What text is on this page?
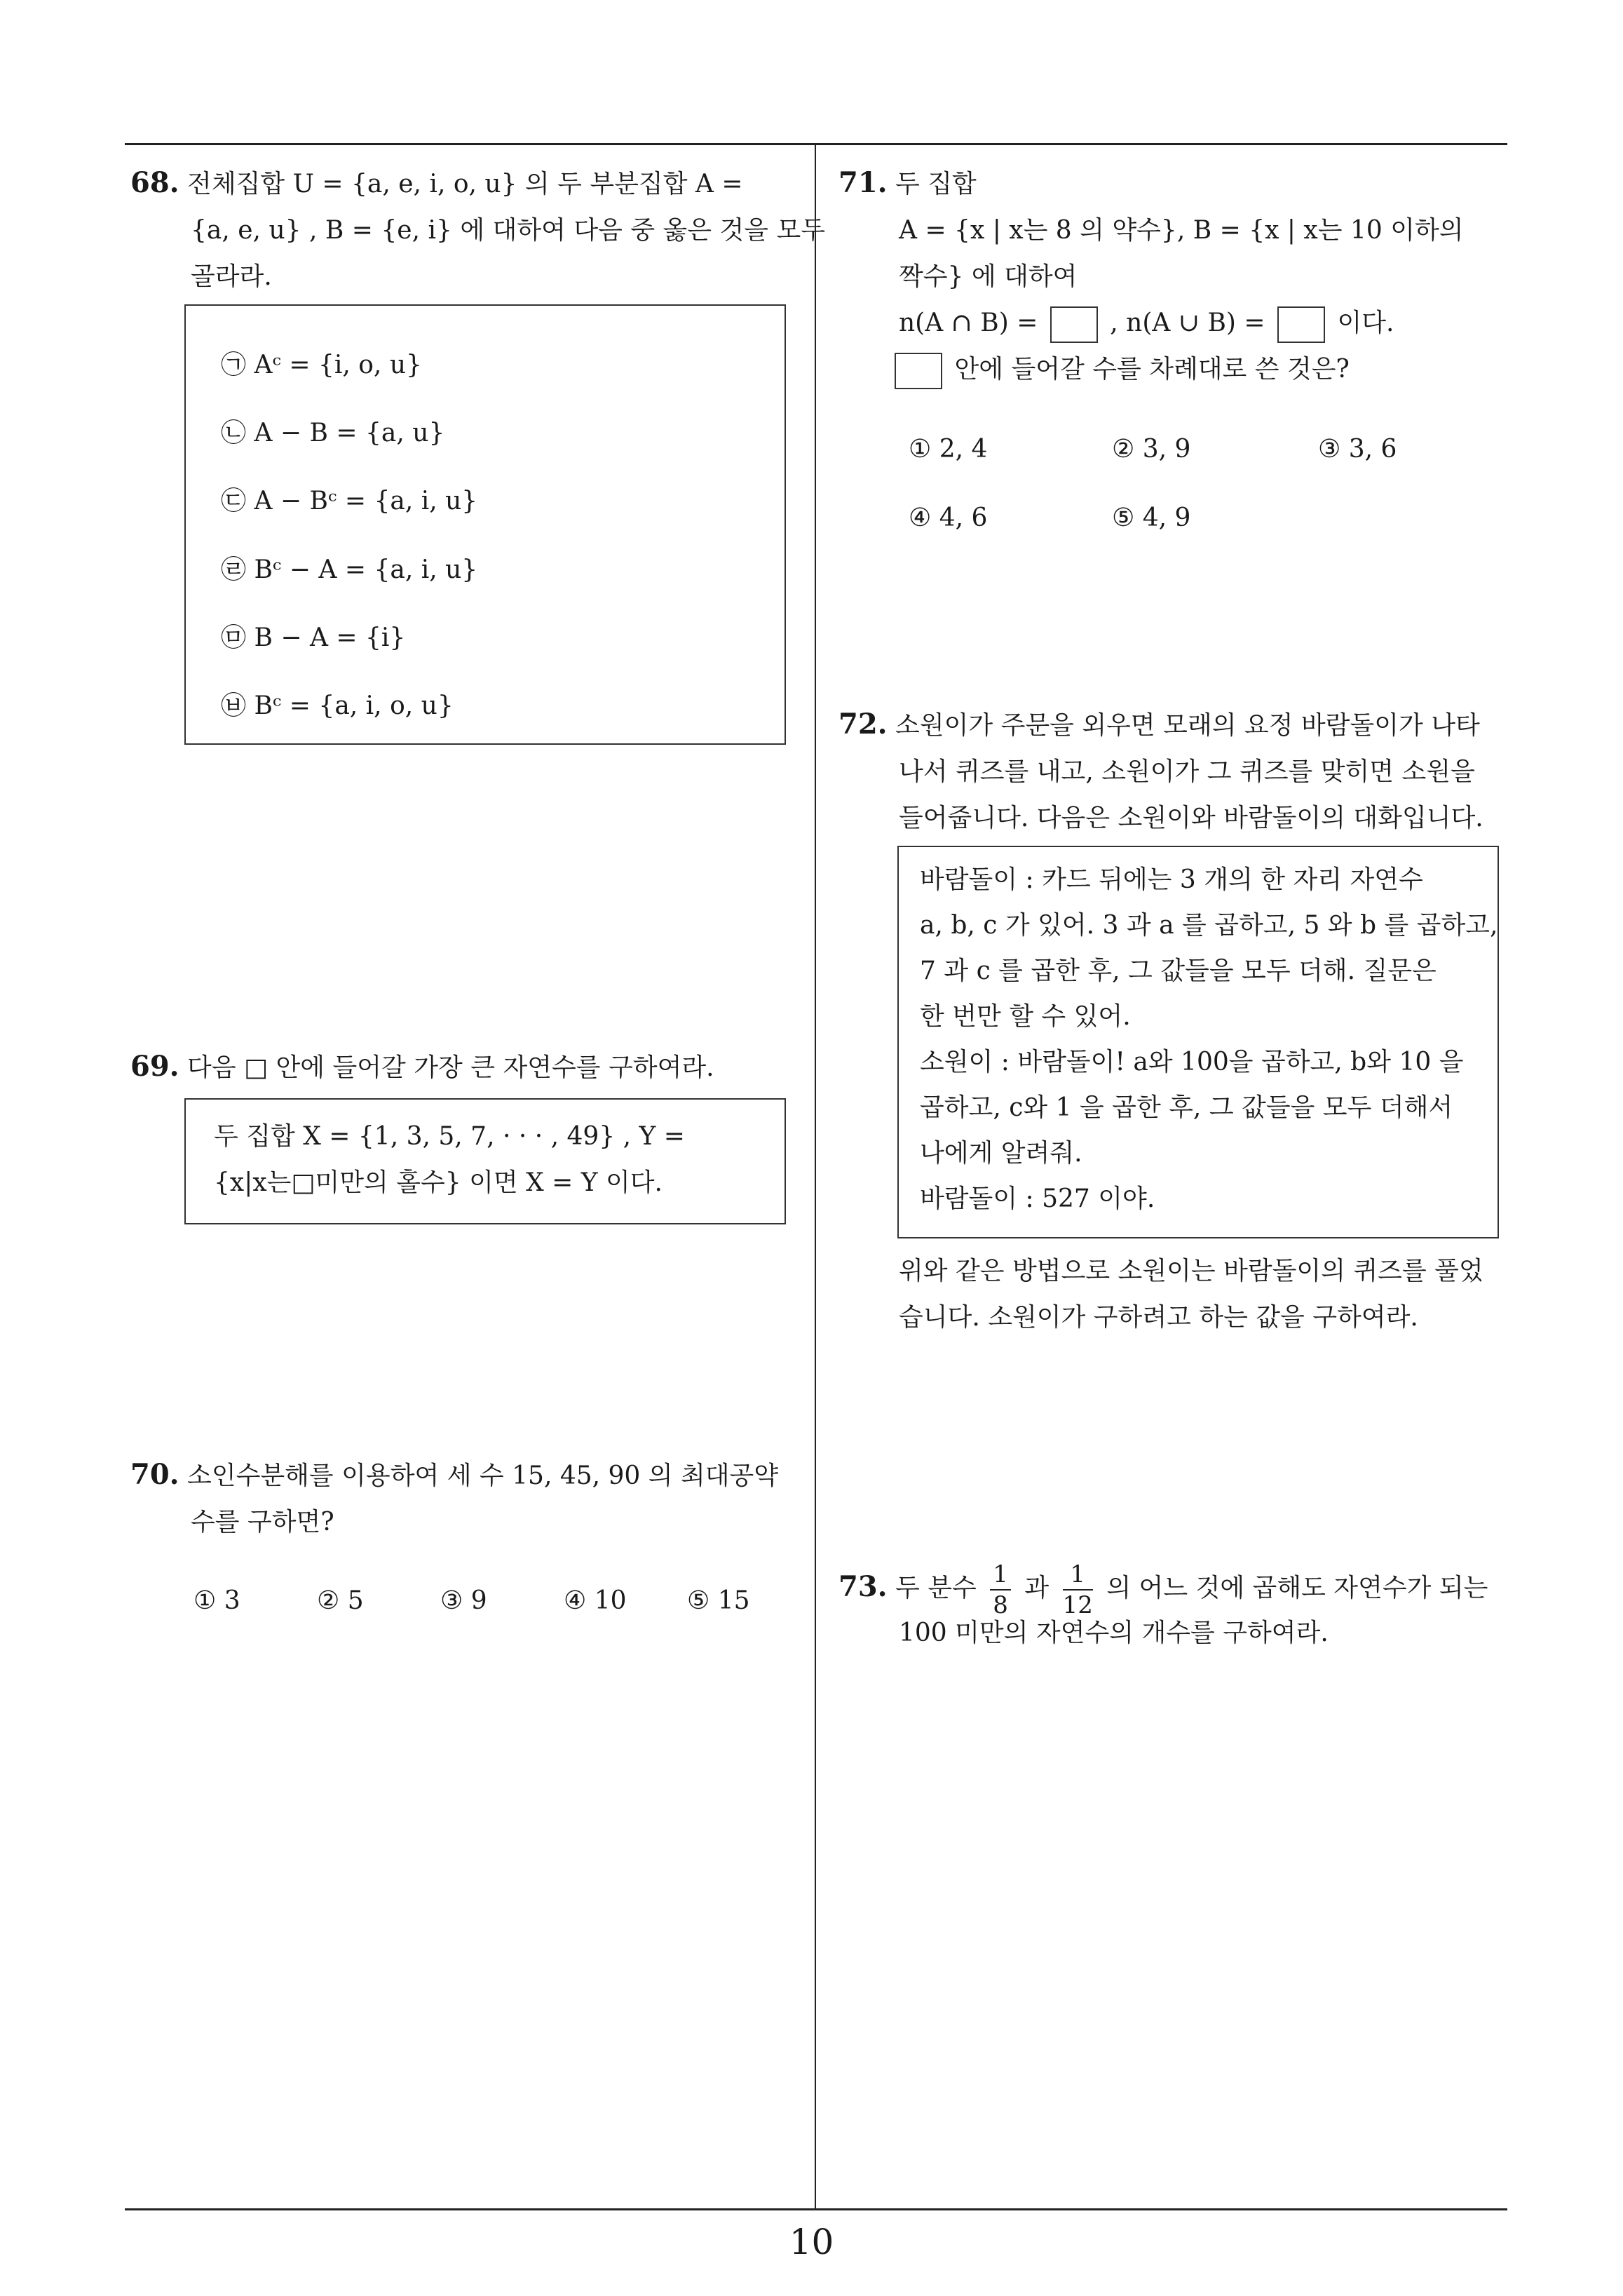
68. 전체집합 U = {a, e, i, o, u} 의 두 부분집합 A =
{a, e, u} , B = {e, i} 에 대하여 다음 중 옳은 것을 모두
골라라.
㉠ Aᶜ = {i, o, u}
㉡ A − B = {a, u}
㉢ A − Bᶜ = {a, i, u}
㉣ Bᶜ − A = {a, i, u}
㉤ B − A = {i}
㉥ Bᶜ = {a, i, o, u}
69. 다음 □ 안에 들어갈 가장 큰 자연수를 구하여라.
두 집합 X = {1, 3, 5, 7, · · · , 49} , Y =
{x|x는□미만의 홀수} 이면 X = Y 이다.
70. 소인수분해를 이용하여 세 수 15, 45, 90 의 최대공약
수를 구하면?
① 3	② 5	③ 9	④ 10 ⑤ 15
71. 두 집합
A = {x | x는 8 의 약수}, B = {x | x는 10 이하의
짝수} 에 대하여
n(A ∩ B) =	, n(A ∪ B) =	이다.
안에 들어갈 수를 차례대로 쓴 것은?
① 2, 4	② 3, 9	③ 3, 6
④ 4, 6	⑤ 4, 9
72. 소원이가 주문을 외우면 모래의 요정 바람돌이가 나타
나서 퀴즈를 내고, 소원이가 그 퀴즈를 맞히면 소원을
들어줍니다. 다음은 소원이와 바람돌이의 대화입니다.
바람돌이 : 카드 뒤에는 3 개의 한 자리 자연수
a, b, c 가 있어. 3 과 a 를 곱하고, 5 와 b 를 곱하고,
7 과 c 를 곱한 후, 그 값들을 모두 더해. 질문은
한 번만 할 수 있어.
소원이 : 바람돌이! a와 100을 곱하고, b와 10 을
곱하고, c와 1 을 곱한 후, 그 값들을 모두 더해서
나에게 알려줘.
바람돌이 : 527 이야.
위와 같은 방법으로 소원이는 바람돌이의 퀴즈를 풀었
습니다. 소원이가 구하려고 하는 값을 구하여라.
73. 두 분수 $\frac{1}{8}$ 과 $\frac{1}{12}$ 의 어느 것에 곱해도 자연수가 되는
100 미만의 자연수의 개수를 구하여라.
10
